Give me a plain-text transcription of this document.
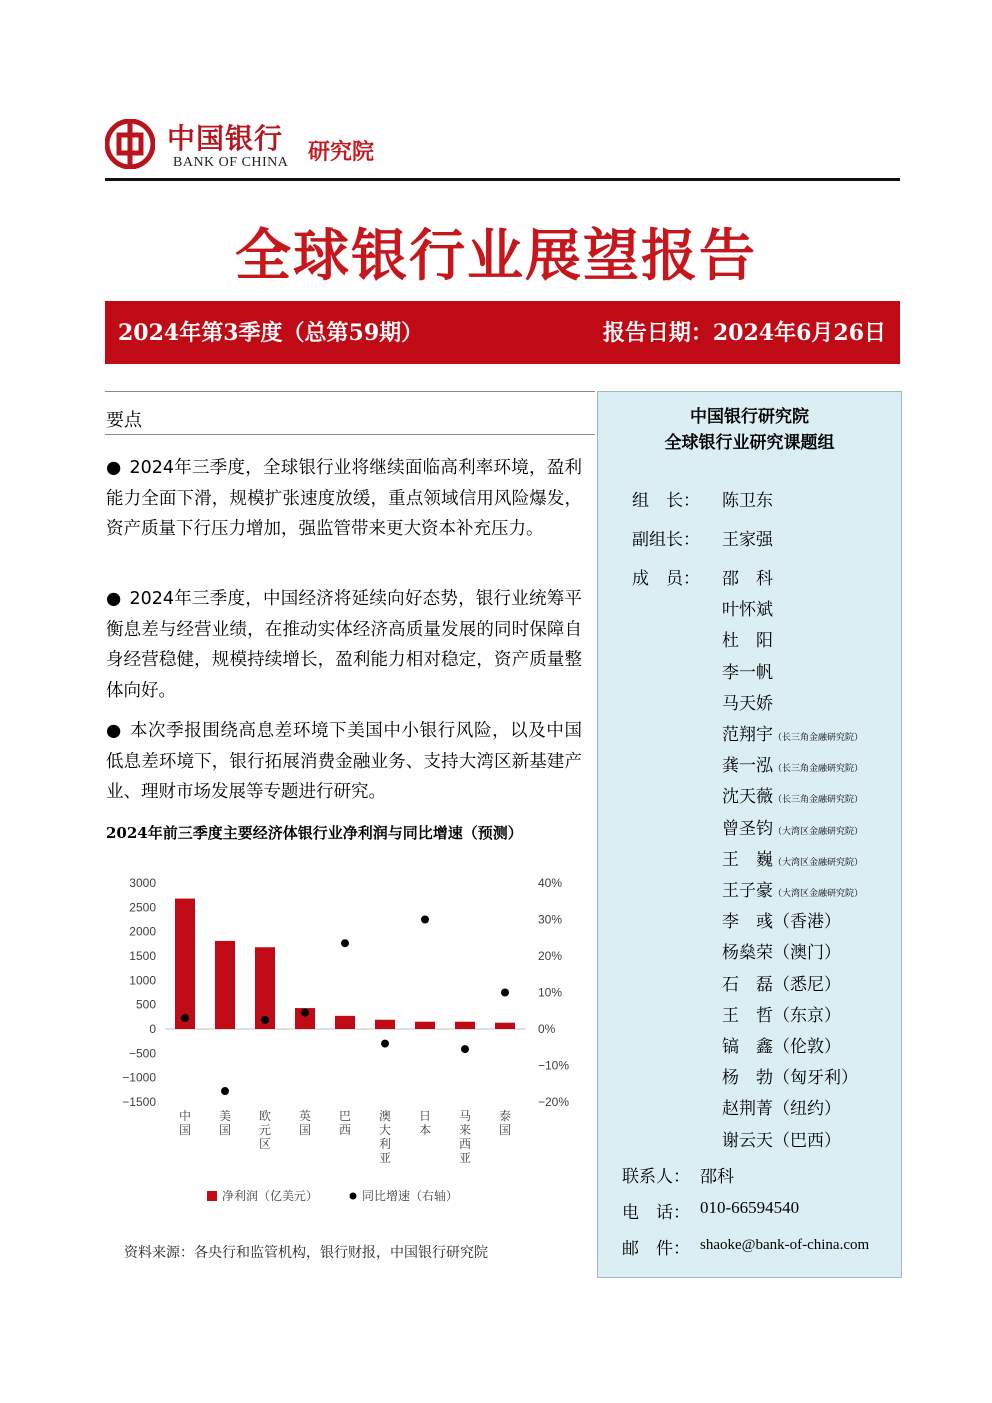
中国银行
BANK OF CHINA 研究院
全球银行业展望报告
2024年第3季度（总第59期）	报告日期：2024年6月26日
要点
● 2024年三季度，全球银行业将继续面临高利率环境，盈利能力全面下滑，规模扩张速度放缓，重点领域信用风险爆发，资产质量下行压力增加，强监管带来更大资本补充压力。
● 2024年三季度，中国经济将延续向好态势，银行业统筹平衡息差与经营业绩，在推动实体经济高质量发展的同时保障自身经营稳健，规模持续增长，盈利能力相对稳定，资产质量整体向好。
● 本次季报围绕高息差环境下美国中小银行风险，以及中国低息差环境下，银行拓展消费金融业务、支持大湾区新基建产业、理财市场发展等专题进行研究。
2024年前三季度主要经济体银行业净利润与同比增速（预测）
3000
2500
2000
1500
1000
500
0
−500
−1000
−1500
40%
30%
20%
10%
0%
−10%
−20%
中
国
美
国
欧
元
区
英
国
巴
西
澳
大
利
亚
日
本
马
来
西
亚
泰
国
净利润（亿美元）	同比增速（右轴）
资料来源：各央行和监管机构，银行财报，中国银行研究院
中国银行研究院
全球银行业研究课题组
组　长： 陈卫东
副组长： 王家强
成　员： 邵　科
叶怀斌
杜　阳
李一帆
马天娇
范翔宇（长三角金融研究院）
龚一泓（长三角金融研究院）
沈天薇（长三角金融研究院）
曾圣钧（大湾区金融研究院）
王　巍（大湾区金融研究院）
王子豪（大湾区金融研究院）
李　彧（香港）
杨燊荣（澳门）
石　磊（悉尼）
王　哲（东京）
镐　鑫（伦敦）
杨　勃（匈牙利）
赵荆菁（纽约）
谢云天（巴西）
联系人： 邵科
电　话： 010-66594540
邮　件： shaoke@bank-of-china.com
